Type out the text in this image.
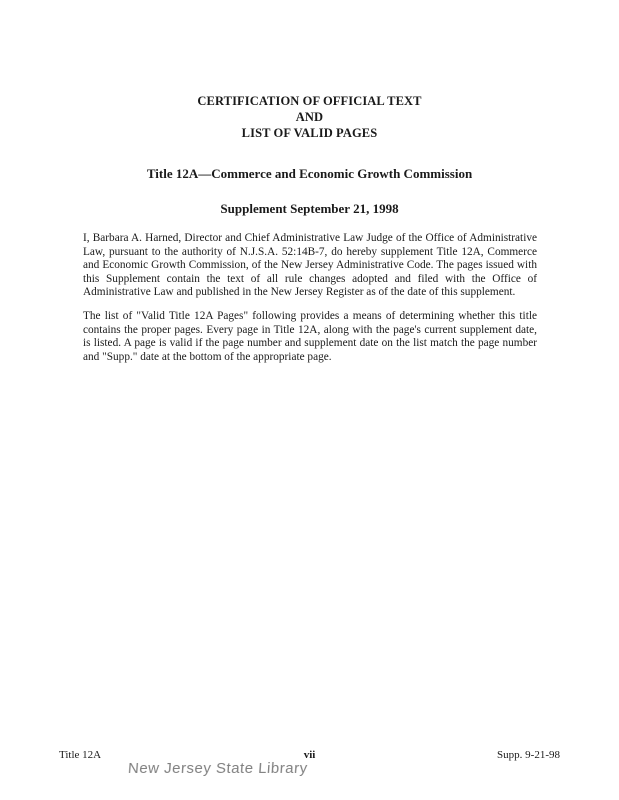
CERTIFICATION OF OFFICIAL TEXT
AND
LIST OF VALID PAGES
Title 12A—Commerce and Economic Growth Commission
Supplement September 21, 1998

I, Barbara A. Harned, Director and Chief Administrative Law Judge of the Office of Administrative Law, pursuant to the authority of N.J.S.A. 52:14B-7, do hereby supplement Title 12A, Commerce and Economic Growth Commission, of the New Jersey Administrative Code. The pages issued with this Supplement contain the text of all rule changes adopted and filed with the Office of Administrative Law and published in the New Jersey Register as of the date of this supplement.

The list of "Valid Title 12A Pages" following provides a means of determining whether this title contains the proper pages. Every page in Title 12A, along with the page's current supplement date, is listed. A page is valid if the page number and supplement date on the list match the page number and "Supp." date at the bottom of the appropriate page.

Title 12A	vii	Supp. 9-21-98
New Jersey State Library
